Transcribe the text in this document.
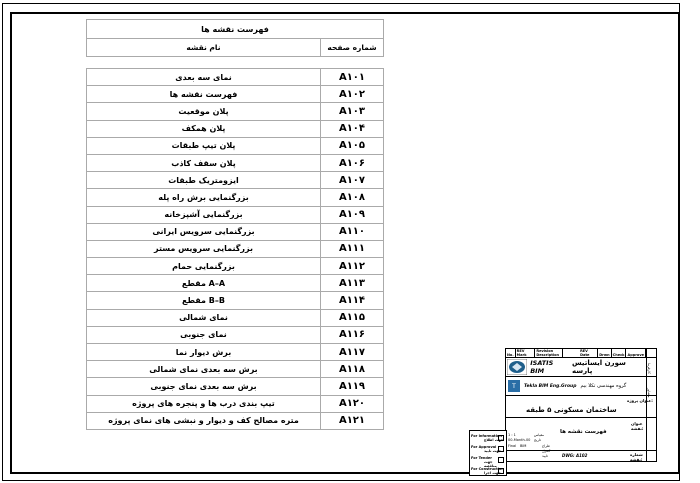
فهرست نقشه ها
نام نقشه	شماره صفحه
نمای سه بعدی	A۱۰۱
فهرست نقشه ها	A۱۰۲
پلان موقعیت	A۱۰۳
پلان همکف	A۱۰۴
پلان تیپ طبقات	A۱۰۵
پلان سقف کاذب	A۱۰۶
ایزومتریک طبقات	A۱۰۷
بزرگنمایی برش راه پله	A۱۰۸
بزرگنمایی آشپزخانه	A۱۰۹
بزرگنمایی سرویس ایرانی	A۱۱۰
بزرگنمایی سرویس مستر	A۱۱۱
بزرگنمایی حمام	A۱۱۲
مقطع A–A	A۱۱۳
مقطع B–B	A۱۱۴
نمای شمالی	A۱۱۵
نمای جنوبی	A۱۱۶
برش دیوار نما	A۱۱۷
برش سه بعدی نمای شمالی	A۱۱۸
برش سه بعدی نمای جنوبی	A۱۱۹
تیپ بندی درب ها و پنجره های پروژه	A۱۲۰
متره مصالح کف و دیوار و نبشی های نمای پروژه	A۱۲۱
No.
REV Mark
Revision Description
REV Date	Drwn Check Approve
کارفرما
مشاور
ISATIS BIM
سورن ایساتیس پارسه
T	Tekla BIM Eng.Group گروه مهندسی تکلا بیم
عنوان پروژه:
ساختمان مسکونی ۵ طبقه
عنوان نقشه:
فهرست نقشه ها
مقیاس
1 : 1
تاریخ
00-Month-00
Final BIM	طراح
کنترل
تایید	شماره نقشه:
DWG: A102
For Information
جهت اطلاع
For Approval
جهت تایید
For Tender
جهت مناقصه
For Construction
جهت اجرا
